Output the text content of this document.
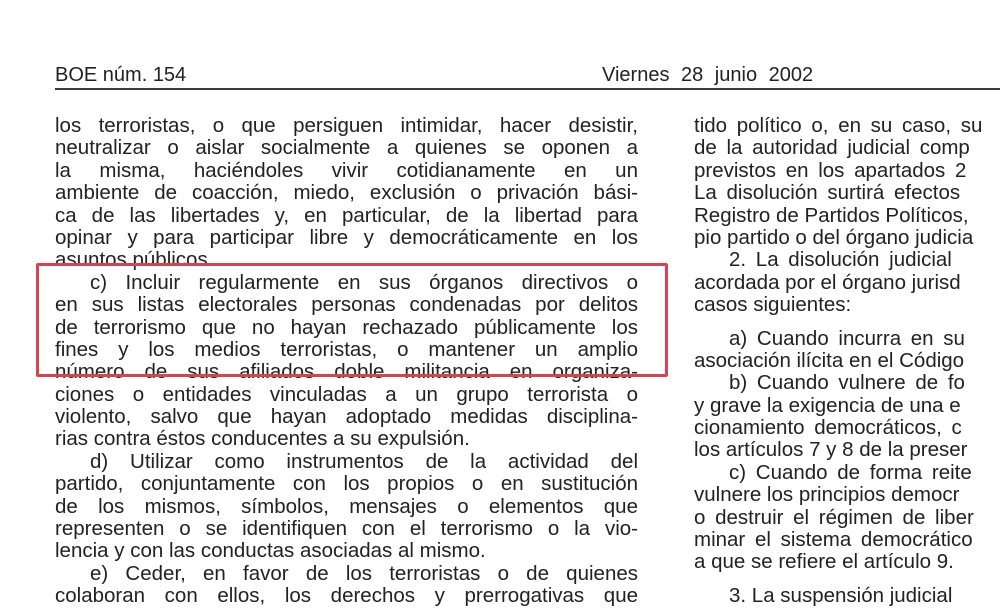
BOE núm. 154	Viernes 28 junio 2002
los terroristas, o que persiguen intimidar, hacer desistir,
neutralizar o aislar socialmente a quienes se oponen a
la misma, haciéndoles vivir cotidianamente en un
ambiente de coacción, miedo, exclusión o privación bási-
ca de las libertades y, en particular, de la libertad para
opinar y para participar libre y democráticamente en los
asuntos públicos.
c) Incluir regularmente en sus órganos directivos o
en sus listas electorales personas condenadas por delitos
de terrorismo que no hayan rechazado públicamente los
fines y los medios terroristas, o mantener un amplio
número de sus afiliados doble militancia en organiza-
ciones o entidades vinculadas a un grupo terrorista o
violento, salvo que hayan adoptado medidas disciplina-
rias contra éstos conducentes a su expulsión.
d) Utilizar como instrumentos de la actividad del
partido, conjuntamente con los propios o en sustitución
de los mismos, símbolos, mensajes o elementos que
representen o se identifiquen con el terrorismo o la vio-
lencia y con las conductas asociadas al mismo.
e) Ceder, en favor de los terroristas o de quienes
colaboran con ellos, los derechos y prerrogativas que
tido político o, en su caso, su
de la autoridad judicial comp
previstos en los apartados 2
La disolución surtirá efectos
Registro de Partidos Políticos,
pio partido o del órgano judicia
2. La disolución judicial
acordada por el órgano jurisd
casos siguientes:
a) Cuando incurra en su
asociación ilícita en el Código
b) Cuando vulnere de fo
y grave la exigencia de una e
cionamiento democráticos, c
los artículos 7 y 8 de la preser
c) Cuando de forma reite
vulnere los principios democr
o destruir el régimen de liber
minar el sistema democrático
a que se refiere el artículo 9.
3. La suspensión judicial
